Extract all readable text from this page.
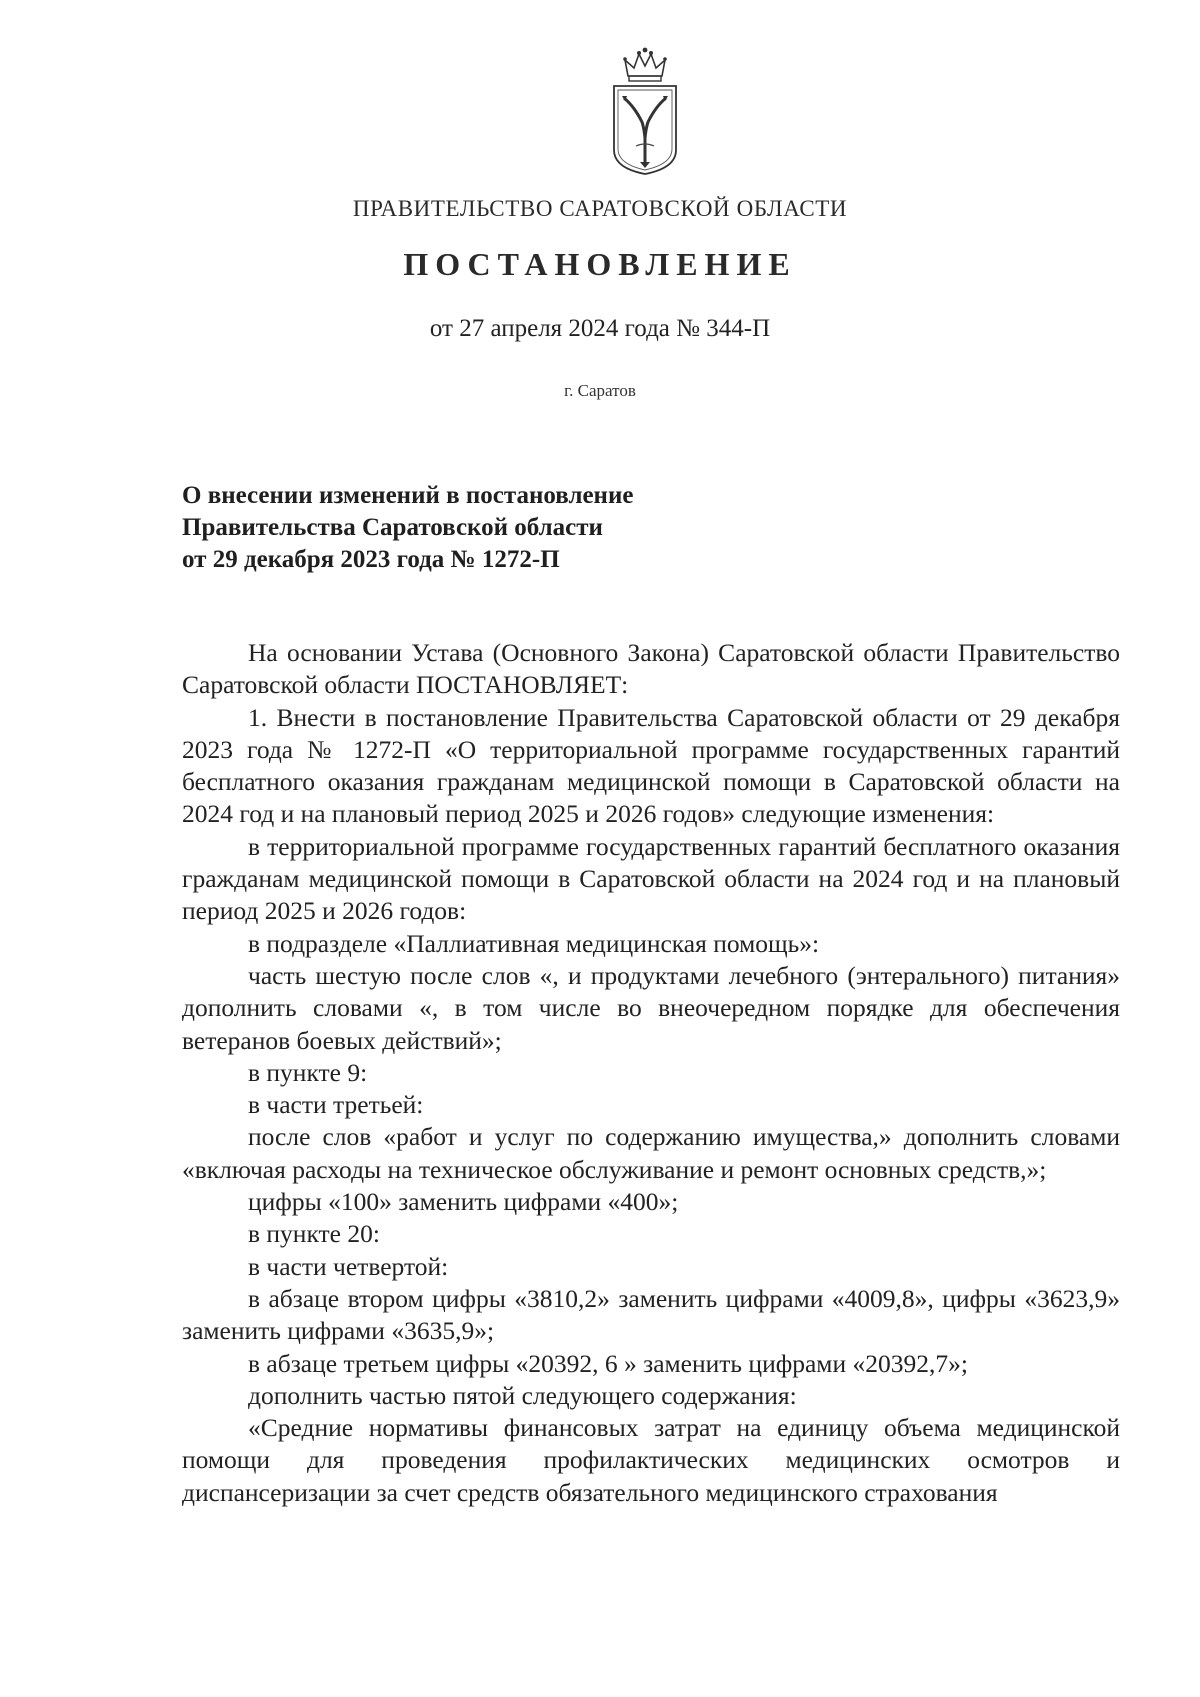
ПРАВИТЕЛЬСТВО САРАТОВСКОЙ ОБЛАСТИ
ПОСТАНОВЛЕНИЕ
от 27 апреля 2024 года № 344-П
г. Саратов
О внесении изменений в постановление
Правительства Саратовской области
от 29 декабря 2023 года № 1272-П

На основании Устава (Основного Закона) Саратовской области Правительство Саратовской области ПОСТАНОВЛЯЕТ:

1. Внести в постановление Правительства Саратовской области от 29 декабря 2023 года № 1272-П «О территориальной программе государственных гарантий бесплатного оказания гражданам медицинской помощи в Саратовской области на 2024 год и на плановый период 2025 и 2026 годов» следующие изменения:

в территориальной программе государственных гарантий бесплатного оказания гражданам медицинской помощи в Саратовской области на 2024 год и на плановый период 2025 и 2026 годов:

в подразделе «Паллиативная медицинская помощь»:

часть шестую после слов «, и продуктами лечебного (энтерального) питания» дополнить словами «, в том числе во внеочередном порядке для обеспечения ветеранов боевых действий»;

в пункте 9:

в части третьей:

после слов «работ и услуг по содержанию имущества,» дополнить словами «включая расходы на техническое обслуживание и ремонт основных средств,»;

цифры «100» заменить цифрами «400»;

в пункте 20:

в части четвертой:

в абзаце втором цифры «3810,2» заменить цифрами «4009,8», цифры «3623,9» заменить цифрами «3635,9»;

в абзаце третьем цифры «20392, 6 » заменить цифрами «20392,7»;

дополнить частью пятой следующего содержания:

«Средние нормативы финансовых затрат на единицу объема медицинской помощи для проведения профилактических медицинских осмотров и диспансеризации за счет средств обязательного медицинского страхования
